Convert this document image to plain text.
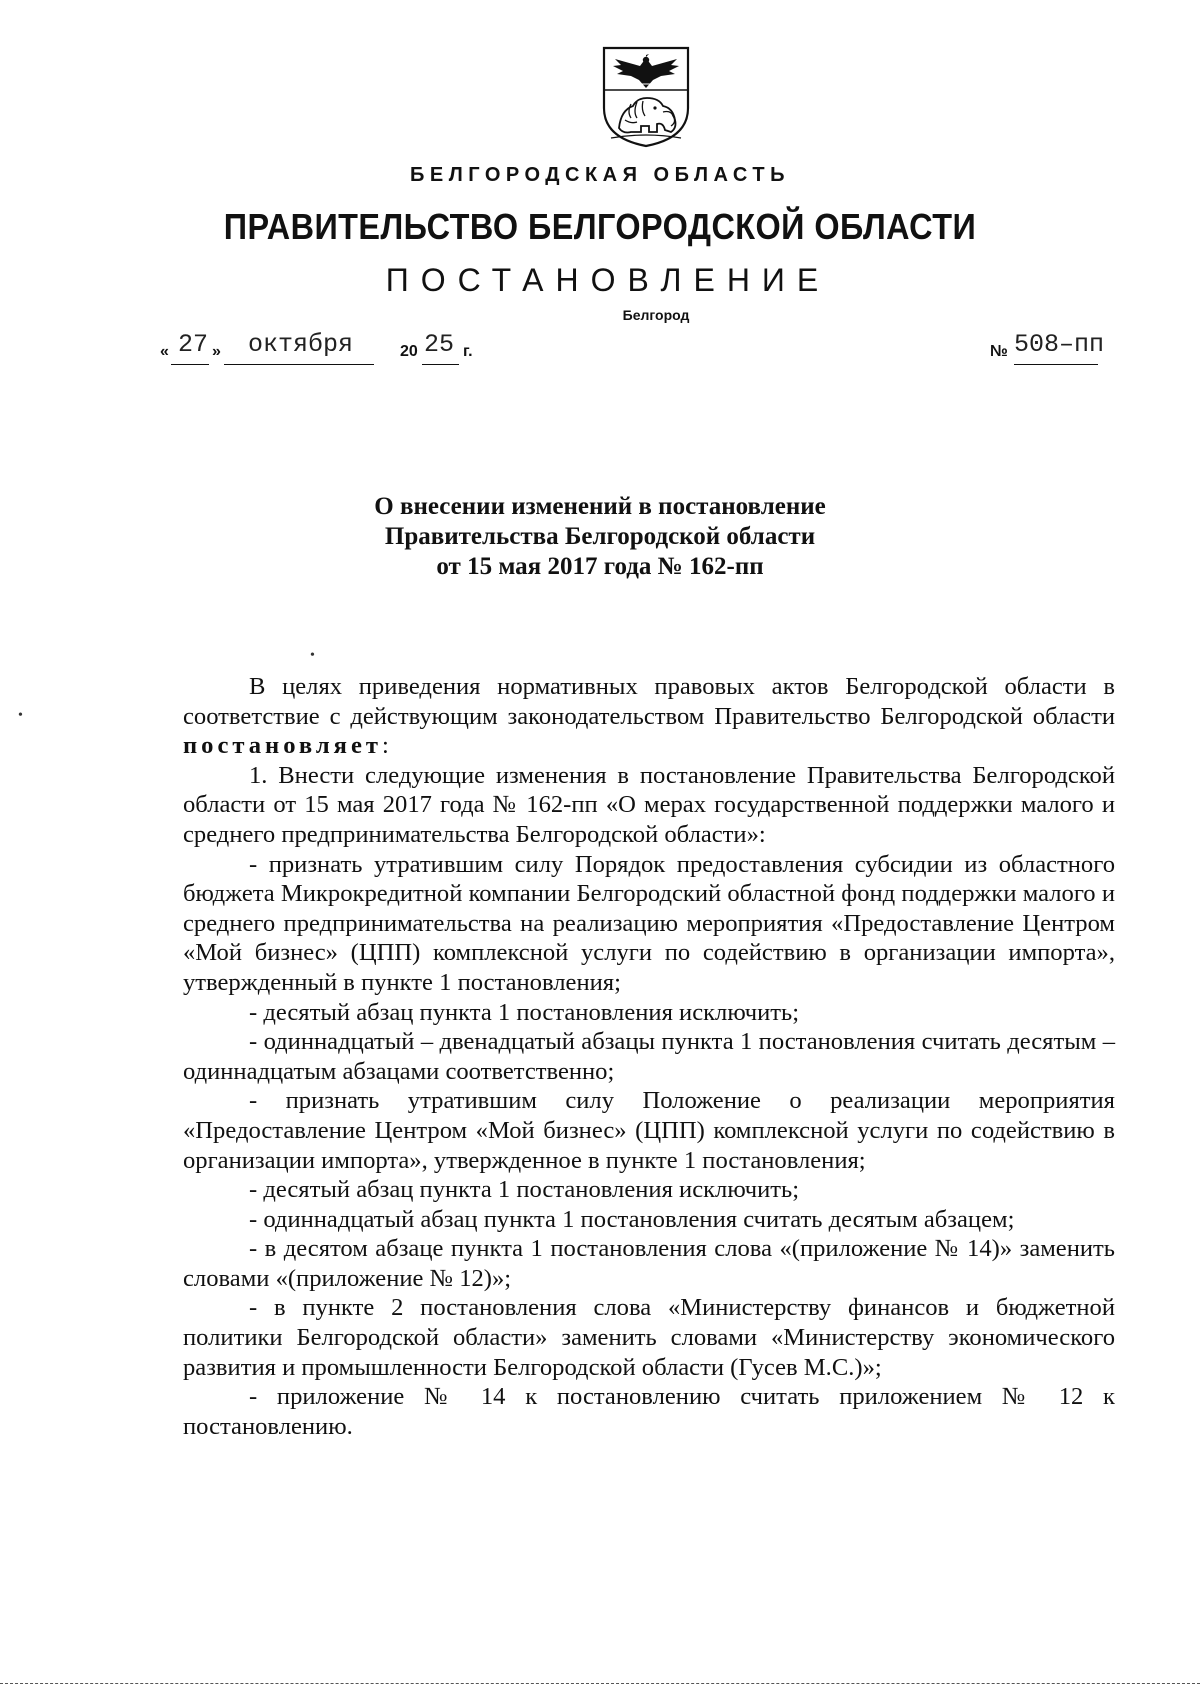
БЕЛГОРОДСКАЯ ОБЛАСТЬ
ПРАВИТЕЛЬСТВО БЕЛГОРОДСКОЙ ОБЛАСТИ
ПОСТАНОВЛЕНИЕ
Белгород
« 27 » октября	20 25 г.	№ 508–пп
О внесении изменений в постановление
Правительства Белгородской области
от 15 мая 2017 года № 162-пп
•
•

В целях приведения нормативных правовых актов Белгородской области в соответствие с действующим законодательством Правительство Белгородской области постановляет:

1. Внести следующие изменения в постановление Правительства Белгородской области от 15 мая 2017 года № 162-пп «О мерах государственной поддержки малого и среднего предпринимательства Белгородской области»:

- признать утратившим силу Порядок предоставления субсидии из областного бюджета Микрокредитной компании Белгородский областной фонд поддержки малого и среднего предпринимательства на реализацию мероприятия «Предоставление Центром «Мой бизнес» (ЦПП) комплексной услуги по содействию в организации импорта», утвержденный в пункте 1 постановления;

- десятый абзац пункта 1 постановления исключить;

- одиннадцатый – двенадцатый абзацы пункта 1 постановления считать десятым – одиннадцатым абзацами соответственно;

- признать утратившим силу Положение о реализации мероприятия «Предоставление Центром «Мой бизнес» (ЦПП) комплексной услуги по содействию в организации импорта», утвержденное в пункте 1 постановления;

- десятый абзац пункта 1 постановления исключить;

- одиннадцатый абзац пункта 1 постановления считать десятым абзацем;

- в десятом абзаце пункта 1 постановления слова «(приложение № 14)» заменить словами «(приложение № 12)»;

- в пункте 2 постановления слова «Министерству финансов и бюджетной политики Белгородской области» заменить словами «Министерству экономического развития и промышленности Белгородской области (Гусев М.С.)»;

- приложение № 14 к постановлению считать приложением № 12 к постановлению.
